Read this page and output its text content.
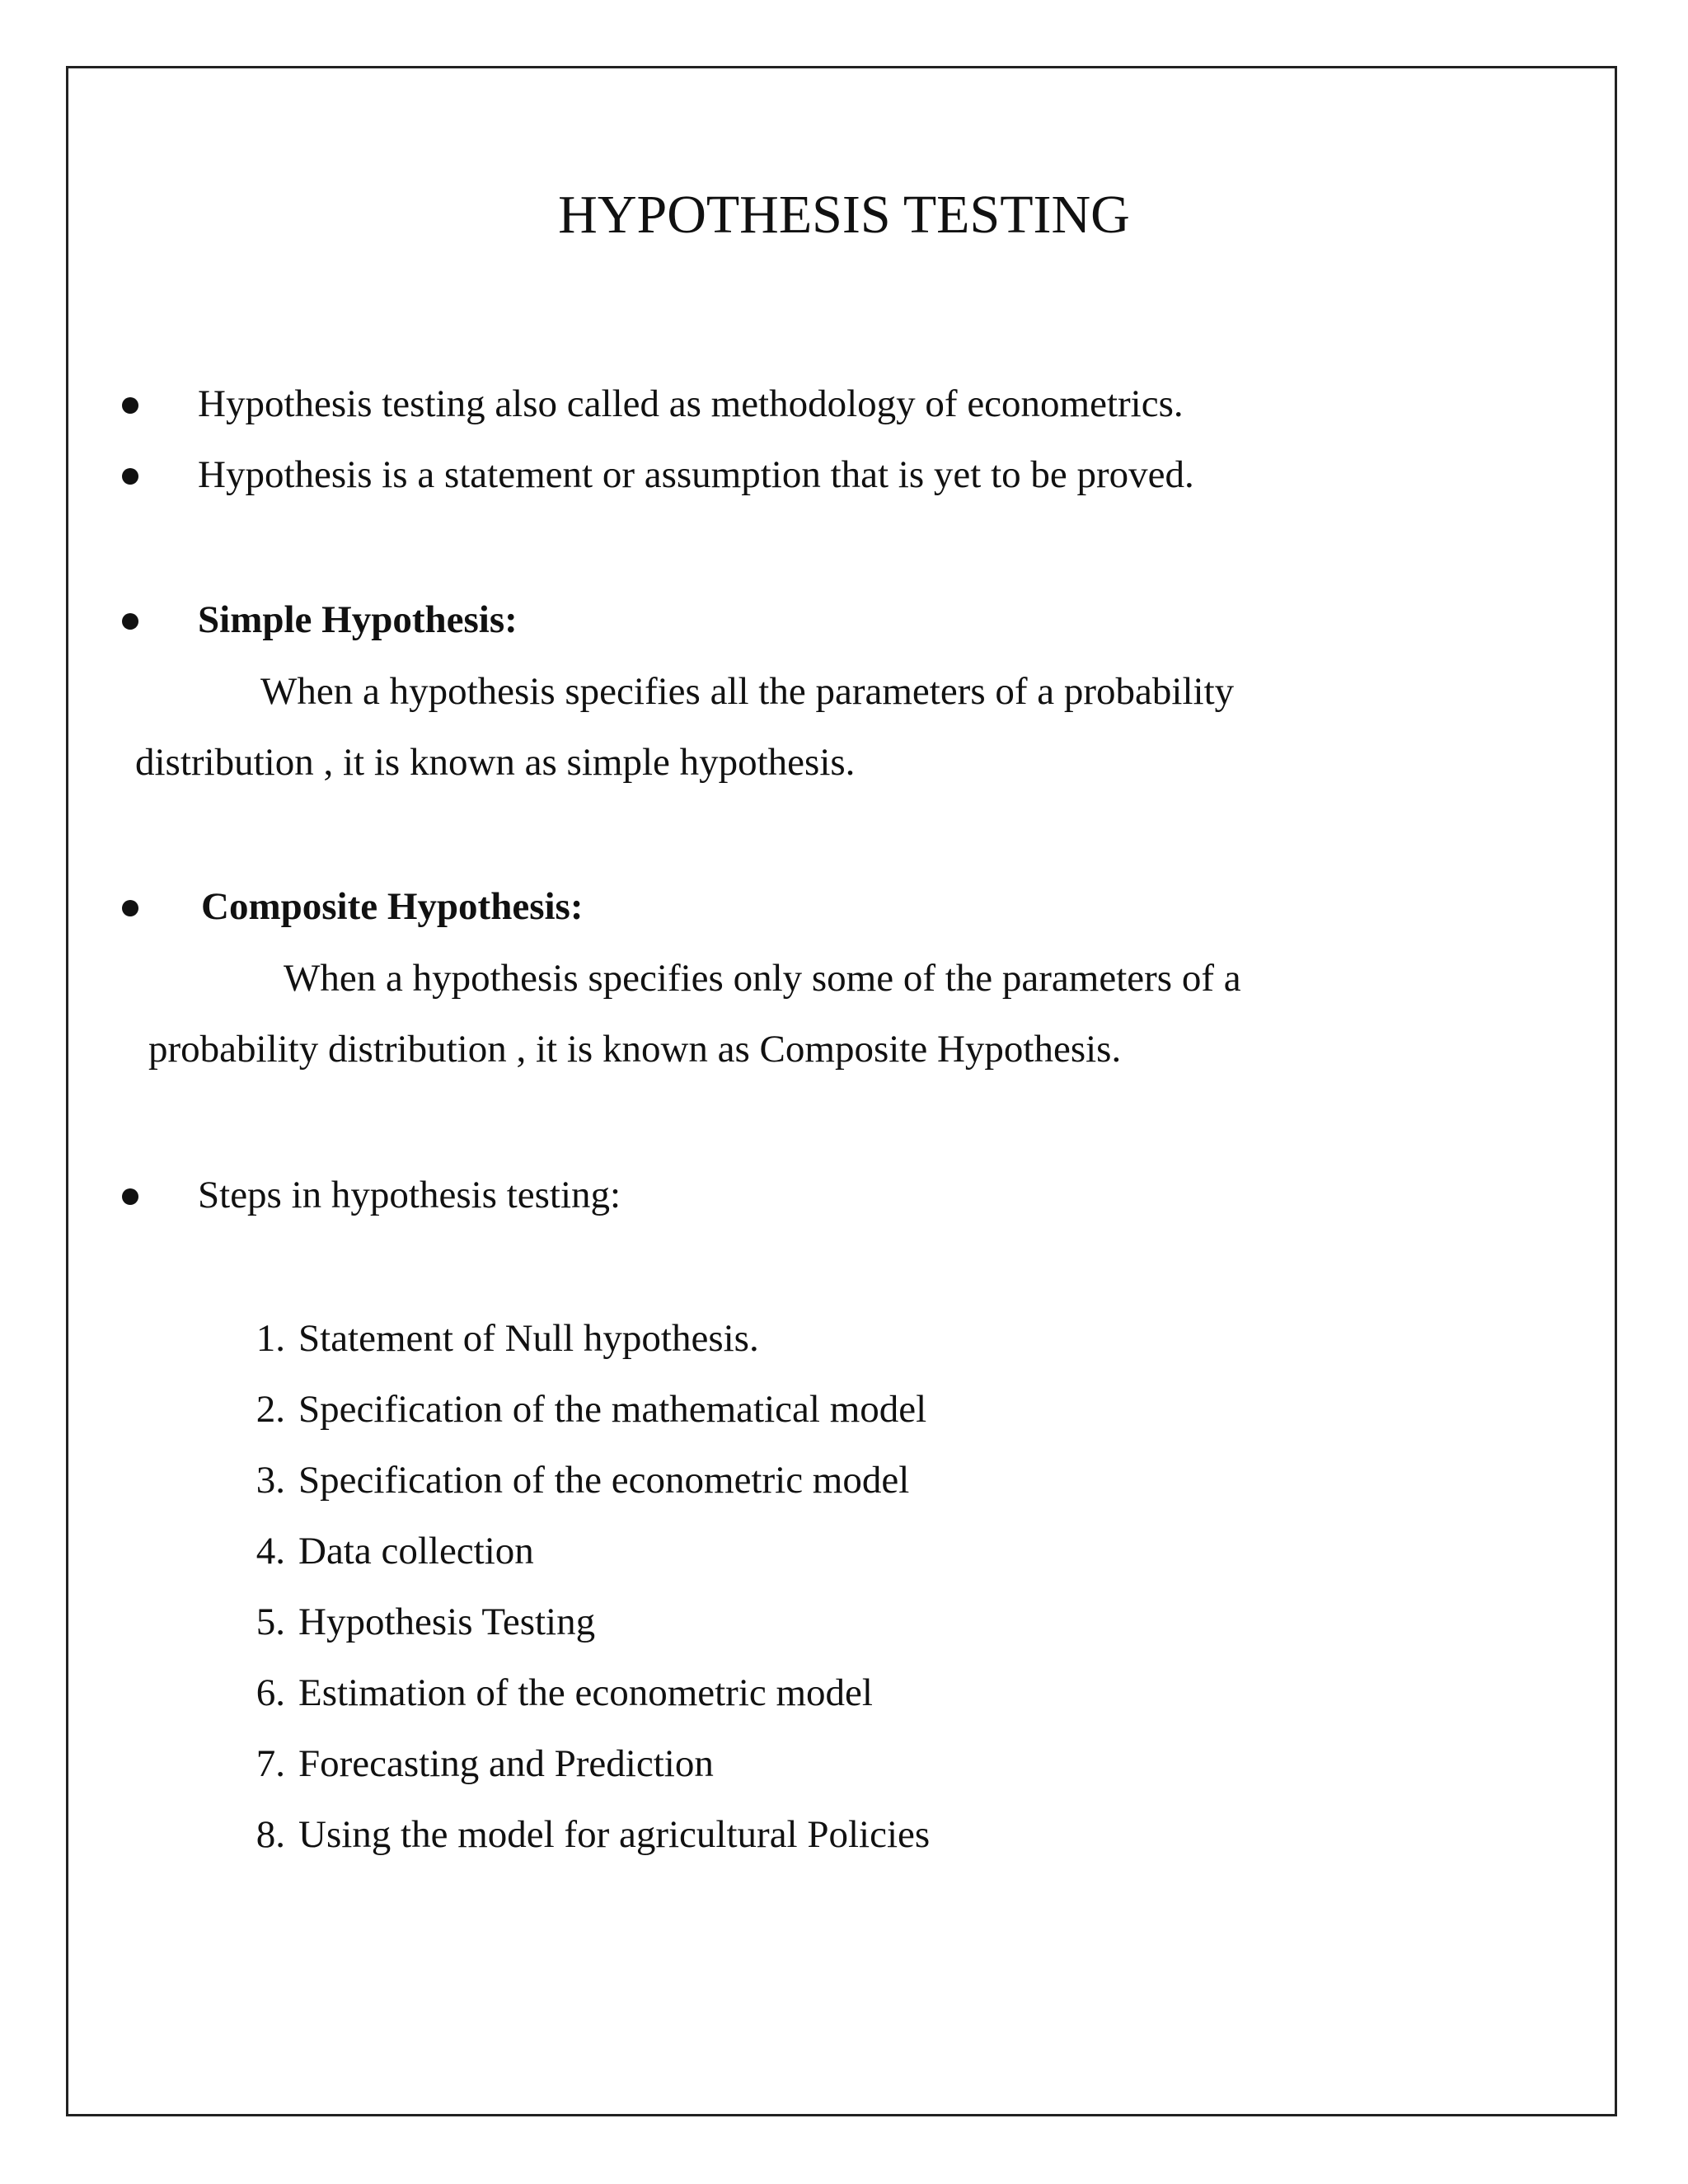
HYPOTHESIS TESTING

Hypothesis testing also called as methodology of econometrics.

Hypothesis is a statement or assumption that is yet to be proved.

Simple Hypothesis:

When a hypothesis specifies all the parameters of a probability

distribution , it is known as simple hypothesis.

Composite Hypothesis:

When a hypothesis specifies only some of the parameters of a

probability distribution , it is known as Composite Hypothesis.

Steps in hypothesis testing:

1. Statement of Null hypothesis.
2. Specification of the mathematical model
3. Specification of the econometric model
4. Data collection
5. Hypothesis Testing
6. Estimation of the econometric model
7. Forecasting and Prediction
8. Using the model for agricultural Policies
